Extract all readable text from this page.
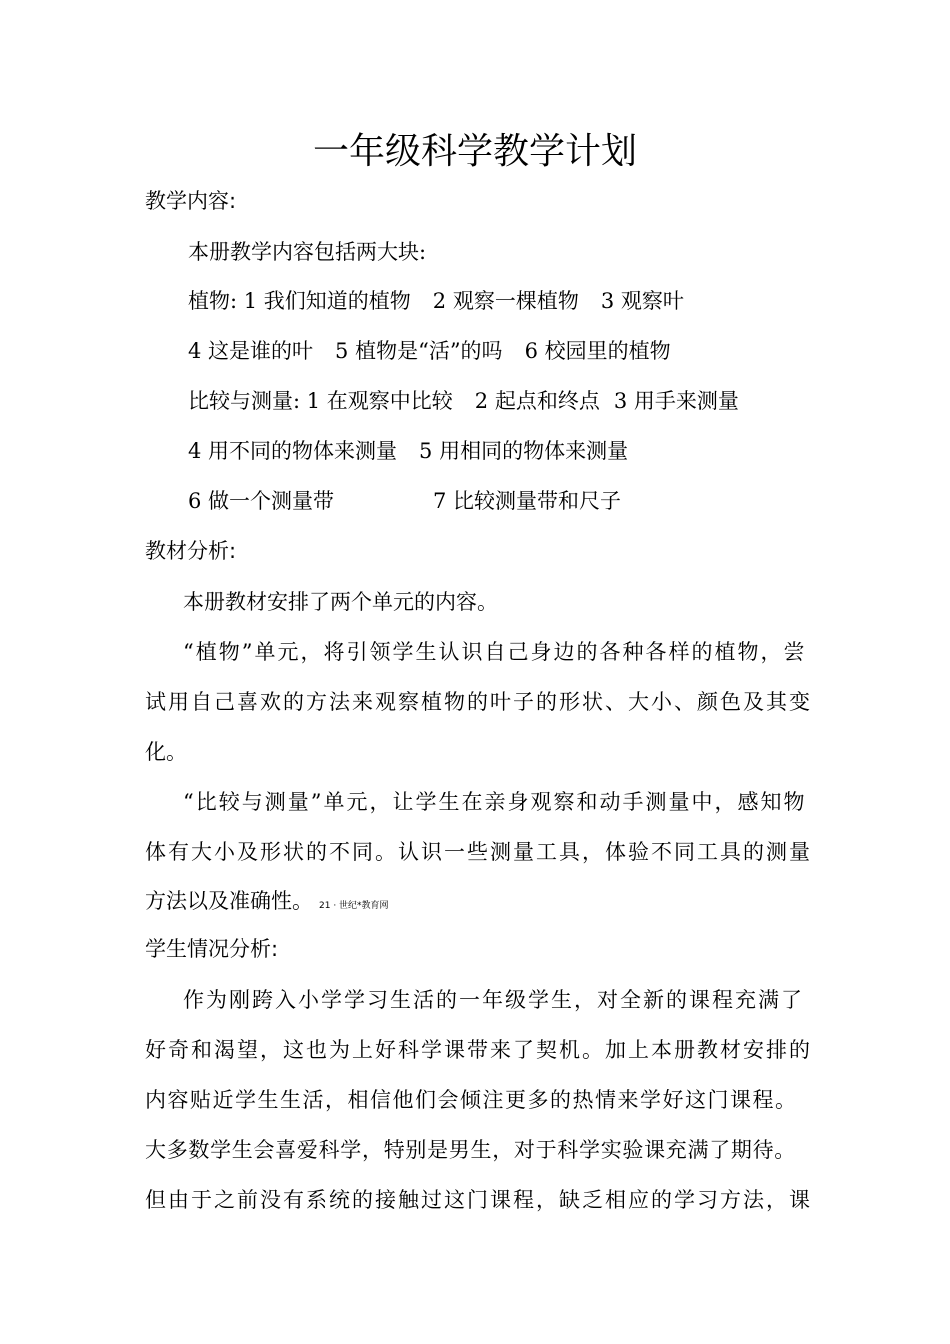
一年级科学教学计划
教学内容:
本册教学内容包括两大块:
植物: 1 我们知道的植物 2 观察一棵植物 3 观察叶
4 这是谁的叶 5 植物是“活”的吗 6 校园里的植物
比较与测量: 1 在观察中比较 2 起点和终点 3 用手来测量
4 用不同的物体来测量 5 用相同的物体来测量
6 做一个测量带	7 比较测量带和尺子
教材分析:
本册教材安排了两个单元的内容。
“植物”单元，将引领学生认识自己身边的各种各样的植物，尝
试用自己喜欢的方法来观察植物的叶子的形状、大小、颜色及其变
化。
“比较与测量”单元，让学生在亲身观察和动手测量中，感知物
体有大小及形状的不同。认识一些测量工具，体验不同工具的测量
方法以及准确性。 21 · 世纪*教育网
学生情况分析:
作为刚跨入小学学习生活的一年级学生，对全新的课程充满了
好奇和渴望，这也为上好科学课带来了契机。加上本册教材安排的
内容贴近学生生活，相信他们会倾注更多的热情来学好这门课程。
大多数学生会喜爱科学，特别是男生，对于科学实验课充满了期待。
但由于之前没有系统的接触过这门课程，缺乏相应的学习方法，课
